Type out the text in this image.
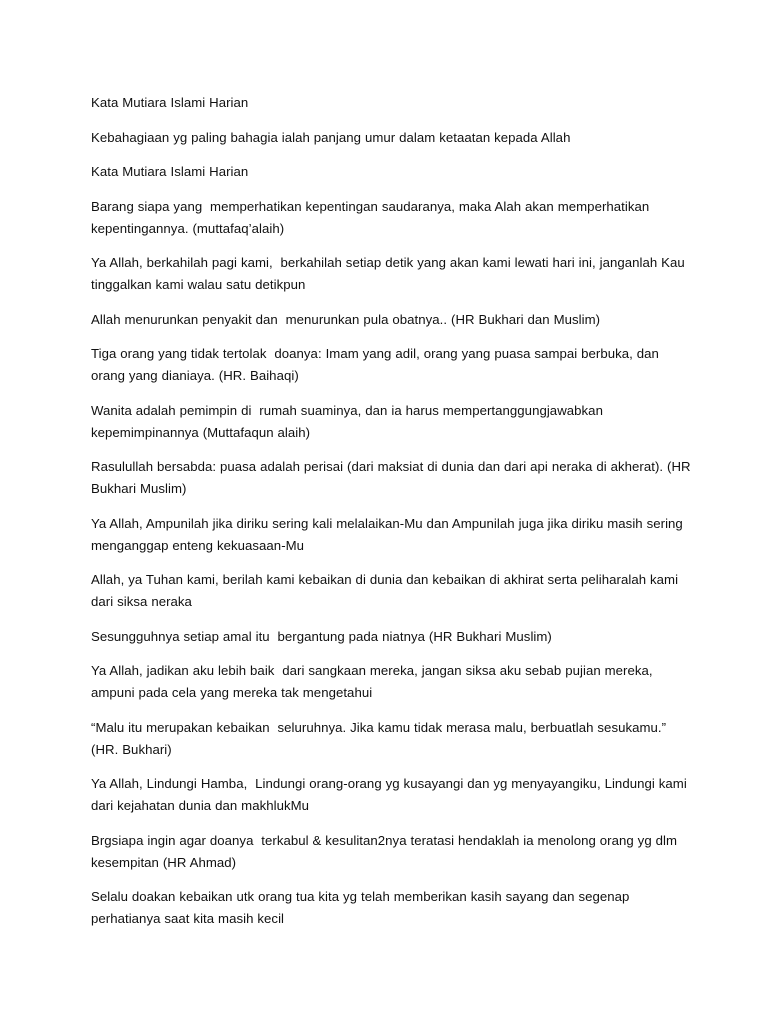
Kata Mutiara Islami Harian

Kebahagiaan yg paling bahagia ialah panjang umur dalam ketaatan kepada Allah

Kata Mutiara Islami Harian

Barang siapa yang  memperhatikan kepentingan saudaranya, maka Alah akan memperhatikan kepentingannya. (muttafaq’alaih)

Ya Allah, berkahilah pagi kami,  berkahilah setiap detik yang akan kami lewati hari ini, janganlah Kau tinggalkan kami walau satu detikpun

Allah menurunkan penyakit dan  menurunkan pula obatnya.. (HR Bukhari dan Muslim)

Tiga orang yang tidak tertolak  doanya: Imam yang adil, orang yang puasa sampai berbuka, dan orang yang dianiaya. (HR. Baihaqi)

Wanita adalah pemimpin di  rumah suaminya, dan ia harus mempertanggungjawabkan kepemimpinannya (Muttafaqun alaih)

Rasulullah bersabda: puasa adalah perisai (dari maksiat di dunia dan dari api neraka di akherat). (HR Bukhari Muslim)

Ya Allah, Ampunilah jika diriku sering kali melalaikan-Mu dan Ampunilah juga jika diriku masih sering menganggap enteng kekuasaan-Mu

Allah, ya Tuhan kami, berilah kami kebaikan di dunia dan kebaikan di akhirat serta peliharalah kami dari siksa neraka

Sesungguhnya setiap amal itu  bergantung pada niatnya (HR Bukhari Muslim)

Ya Allah, jadikan aku lebih baik  dari sangkaan mereka, jangan siksa aku sebab pujian mereka, ampuni pada cela yang mereka tak mengetahui

“Malu itu merupakan kebaikan  seluruhnya. Jika kamu tidak merasa malu, berbuatlah sesukamu.” (HR. Bukhari)

Ya Allah, Lindungi Hamba,  Lindungi orang-orang yg kusayangi dan yg menyayangiku, Lindungi kami dari kejahatan dunia dan makhlukMu

Brgsiapa ingin agar doanya  terkabul & kesulitan2nya teratasi hendaklah ia menolong orang yg dlm kesempitan (HR Ahmad)

Selalu doakan kebaikan utk orang tua kita yg telah memberikan kasih sayang dan segenap perhatianya saat kita masih kecil
